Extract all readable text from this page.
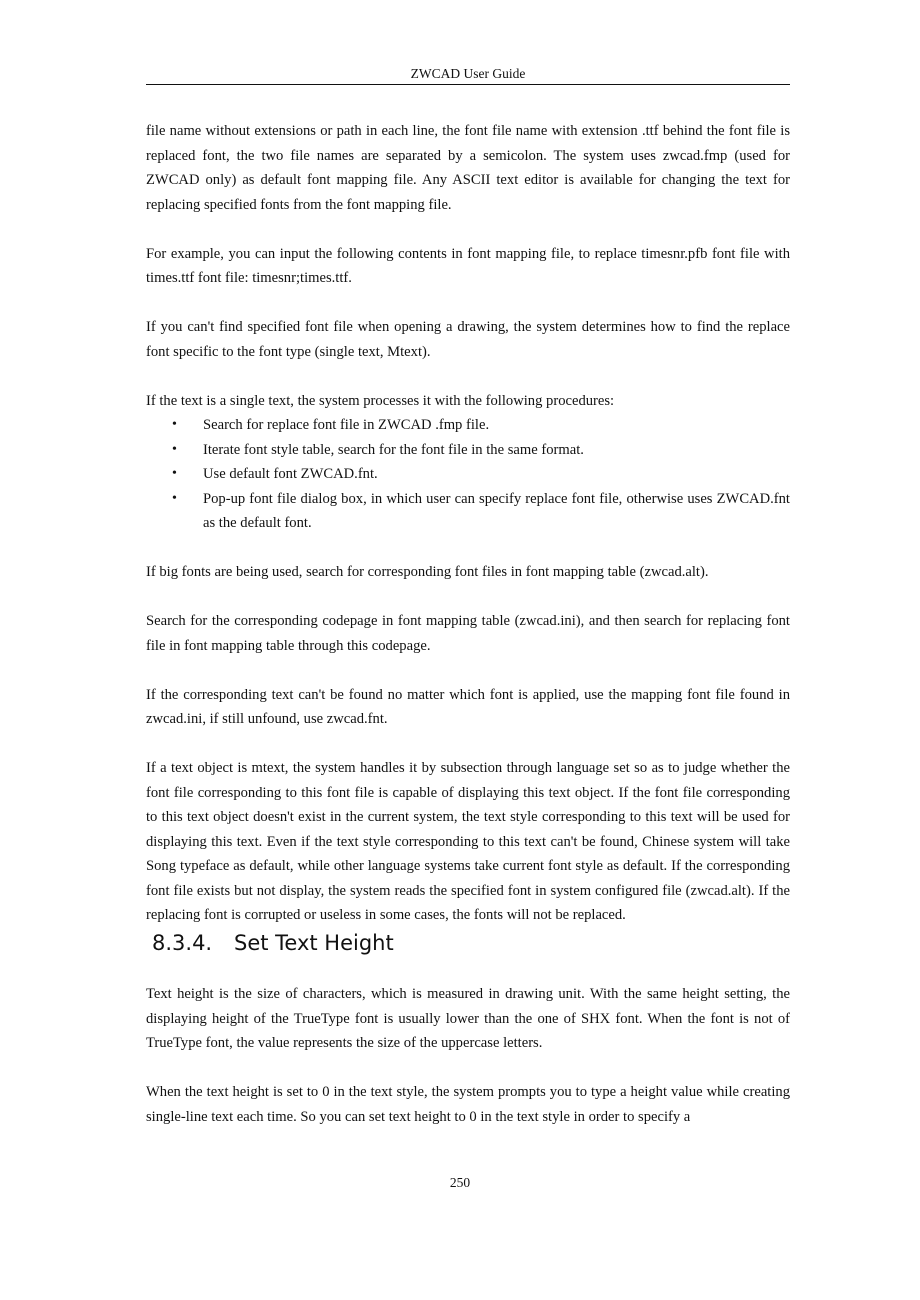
ZWCAD User Guide

file name without extensions or path in each line, the font file name with extension .ttf behind the font file is replaced font, the two file names are separated by a semicolon. The system uses zwcad.fmp (used for ZWCAD only) as default font mapping file. Any ASCII text editor is available for changing the text for replacing specified fonts from the font mapping file.

For example, you can input the following contents in font mapping file, to replace timesnr.pfb font file with times.ttf font file: timesnr;times.ttf.

If you can't find specified font file when opening a drawing, the system determines how to find the replace font specific to the font type (single text, Mtext).

If the text is a single text, the system processes it with the following procedures:

• Search for replace font file in ZWCAD .fmp file.
• Iterate font style table, search for the font file in the same format.
• Use default font ZWCAD.fnt.
• Pop-up font file dialog box, in which user can specify replace font file, otherwise uses ZWCAD.fnt as the default font.

If big fonts are being used, search for corresponding font files in font mapping table (zwcad.alt).

Search for the corresponding codepage in font mapping table (zwcad.ini), and then search for replacing font file in font mapping table through this codepage.

If the corresponding text can't be found no matter which font is applied, use the mapping font file found in zwcad.ini, if still unfound, use zwcad.fnt.

If a text object is mtext, the system handles it by subsection through language set so as to judge whether the font file corresponding to this font file is capable of displaying this text object. If the font file corresponding to this text object doesn't exist in the current system, the text style corresponding to this text will be used for displaying this text. Even if the text style corresponding to this text can't be found, Chinese system will take Song typeface as default, while other language systems take current font style as default. If the corresponding font file exists but not display, the system reads the specified font in system configured file (zwcad.alt). If the replacing font is corrupted or useless in some cases, the fonts will not be replaced.

8.3.4. Set Text Height

Text height is the size of characters, which is measured in drawing unit. With the same height setting, the displaying height of the TrueType font is usually lower than the one of SHX font. When the font is not of TrueType font, the value represents the size of the uppercase letters.

When the text height is set to 0 in the text style, the system prompts you to type a height value while creating single-line text each time. So you can set text height to 0 in the text style in order to specify a

250
